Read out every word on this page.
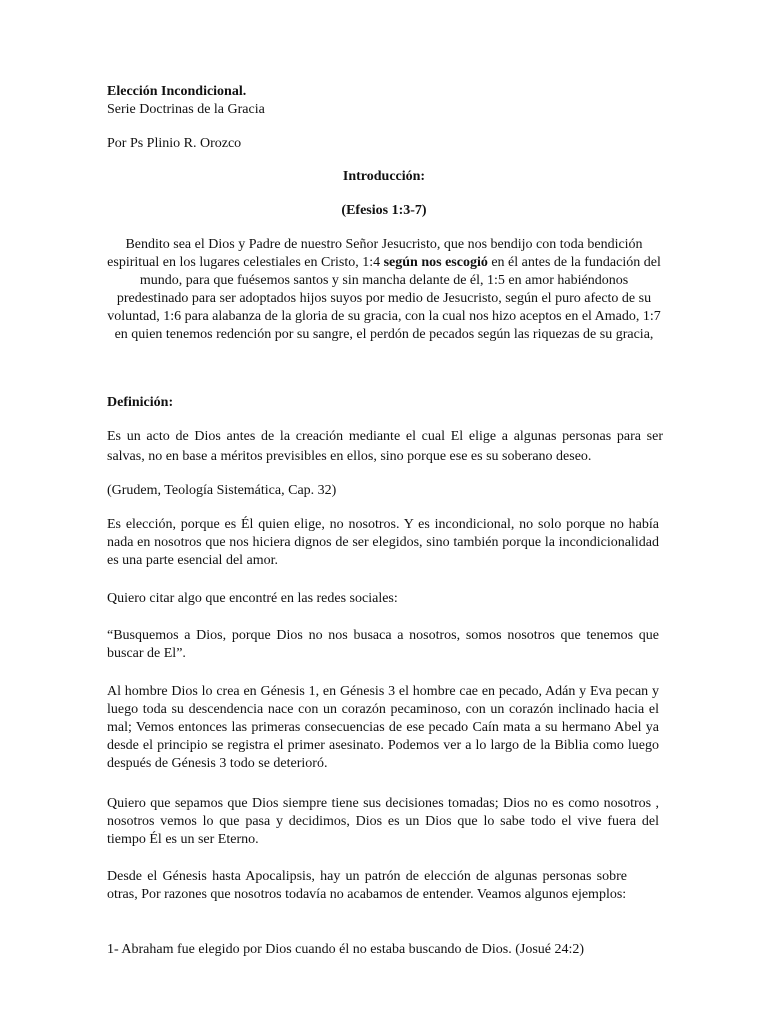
Elección Incondicional.

Serie Doctrinas de la Gracia

Por Ps Plinio R. Orozco

Introducción:

(Efesios 1:3-7)

Bendito sea el Dios y Padre de nuestro Señor Jesucristo, que nos bendijo con toda bendición espiritual en los lugares celestiales en Cristo, 1:4 según nos escogió en él antes de la fundación del mundo, para que fuésemos santos y sin mancha delante de él, 1:5 en amor habiéndonos predestinado para ser adoptados hijos suyos por medio de Jesucristo, según el puro afecto de su voluntad, 1:6 para alabanza de la gloria de su gracia, con la cual nos hizo aceptos en el Amado, 1:7 en quien tenemos redención por su sangre, el perdón de pecados según las riquezas de su gracia,

Definición:

Es un acto de Dios antes de la creación mediante el cual El elige a algunas personas para ser salvas, no en base a méritos previsibles en ellos, sino porque ese es su soberano deseo.

(Grudem, Teología Sistemática, Cap. 32)

Es elección, porque es Él quien elige, no nosotros. Y es incondicional, no solo porque no había nada en nosotros que nos hiciera dignos de ser elegidos, sino también porque la incondicionalidad es una parte esencial del amor.

Quiero citar algo que encontré en las redes sociales:

“Busquemos a Dios, porque Dios no nos busaca a nosotros, somos nosotros que tenemos que buscar de El”.

Al hombre Dios lo crea en Génesis 1, en Génesis 3 el hombre cae en pecado, Adán y Eva pecan y luego toda su descendencia nace con un corazón pecaminoso, con un corazón inclinado hacia el mal; Vemos entonces las primeras consecuencias de ese pecado Caín mata a su hermano Abel ya desde el principio se registra el primer asesinato. Podemos ver a lo largo de la Biblia como luego después de Génesis 3 todo se deterioró.

Quiero que sepamos que Dios siempre tiene sus decisiones tomadas; Dios no es como nosotros , nosotros vemos lo que pasa y decidimos, Dios es un Dios que lo sabe todo el vive fuera del tiempo Él es un ser Eterno.

Desde el Génesis hasta Apocalipsis, hay un patrón de elección de algunas personas sobre otras, Por razones que nosotros todavía no acabamos de entender. Veamos algunos ejemplos:

1- Abraham fue elegido por Dios cuando él no estaba buscando de Dios. (Josué 24:2)
